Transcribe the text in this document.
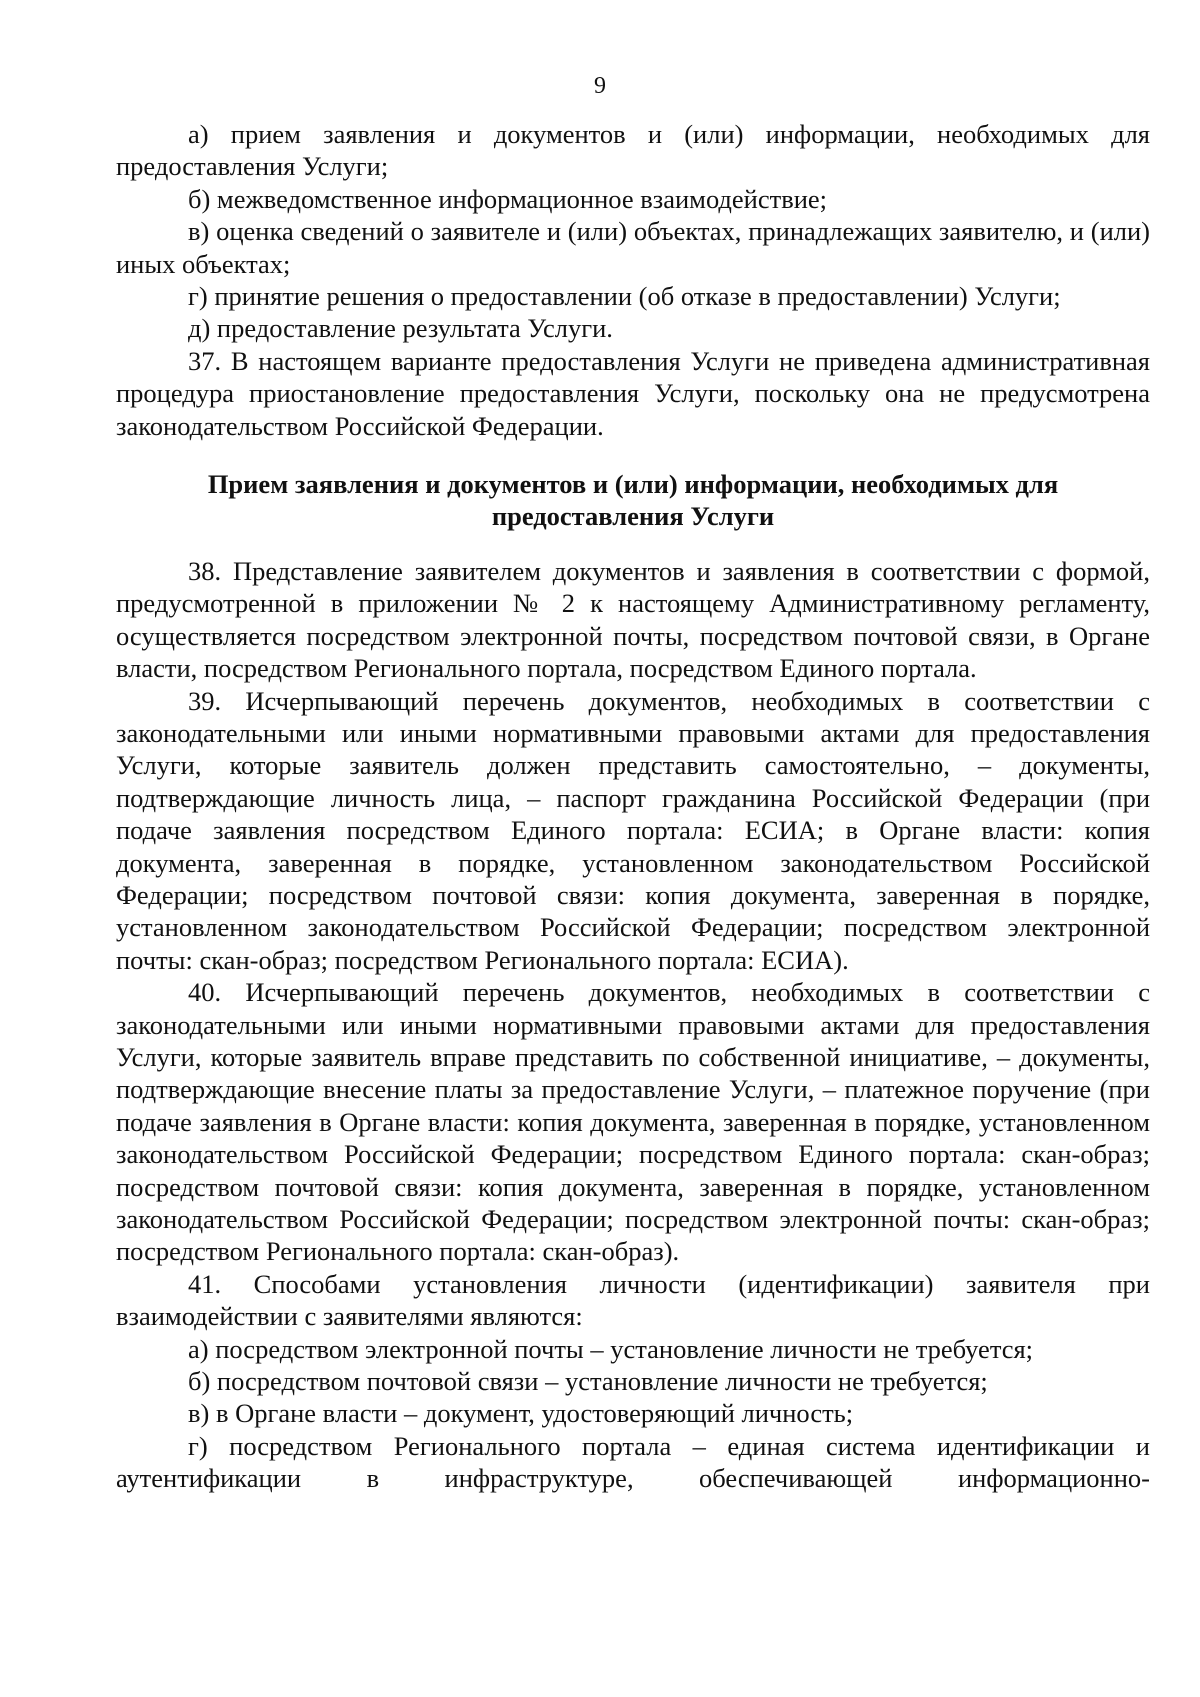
9

а) прием заявления и документов и (или) информации, необходимых для предоставления Услуги;

б) межведомственное информационное взаимодействие;

в) оценка сведений о заявителе и (или) объектах, принадлежащих заявителю, и (или) иных объектах;

г) принятие решения о предоставлении (об отказе в предоставлении) Услуги;

д) предоставление результата Услуги.

37. В настоящем варианте предоставления Услуги не приведена административная процедура приостановление предоставления Услуги, поскольку она не предусмотрена законодательством Российской Федерации.

Прием заявления и документов и (или) информации, необходимых для
предоставления Услуги

38. Представление заявителем документов и заявления в соответствии с формой, предусмотренной в приложении № 2 к настоящему Административному регламенту, осуществляется посредством электронной почты, посредством почтовой связи, в Органе власти, посредством Регионального портала, посредством Единого портала.

39. Исчерпывающий перечень документов, необходимых в соответствии с законодательными или иными нормативными правовыми актами для предоставления Услуги, которые заявитель должен представить самостоятельно, – документы, подтверждающие личность лица, – паспорт гражданина Российской Федерации (при подаче заявления посредством Единого портала: ЕСИА; в Органе власти: копия документа, заверенная в порядке, установленном законодательством Российской Федерации; посредством почтовой связи: копия документа, заверенная в порядке, установленном законодательством Российской Федерации; посредством электронной почты: скан-образ; посредством Регионального портала: ЕСИА).

40. Исчерпывающий перечень документов, необходимых в соответствии с законодательными или иными нормативными правовыми актами для предоставления Услуги, которые заявитель вправе представить по собственной инициативе, – документы, подтверждающие внесение платы за предоставление Услуги, – платежное поручение (при подаче заявления в Органе власти: копия документа, заверенная в порядке, установленном законодательством Российской Федерации; посредством Единого портала: скан-образ; посредством почтовой связи: копия документа, заверенная в порядке, установленном законодательством Российской Федерации; посредством электронной почты: скан-образ; посредством Регионального портала: скан-образ).

41. Способами установления личности (идентификации) заявителя при взаимодействии с заявителями являются:

а) посредством электронной почты – установление личности не требуется;

б) посредством почтовой связи – установление личности не требуется;

в) в Органе власти – документ, удостоверяющий личность;

г) посредством Регионального портала – единая система идентификации и аутентификации в инфраструктуре, обеспечивающей информационно-
